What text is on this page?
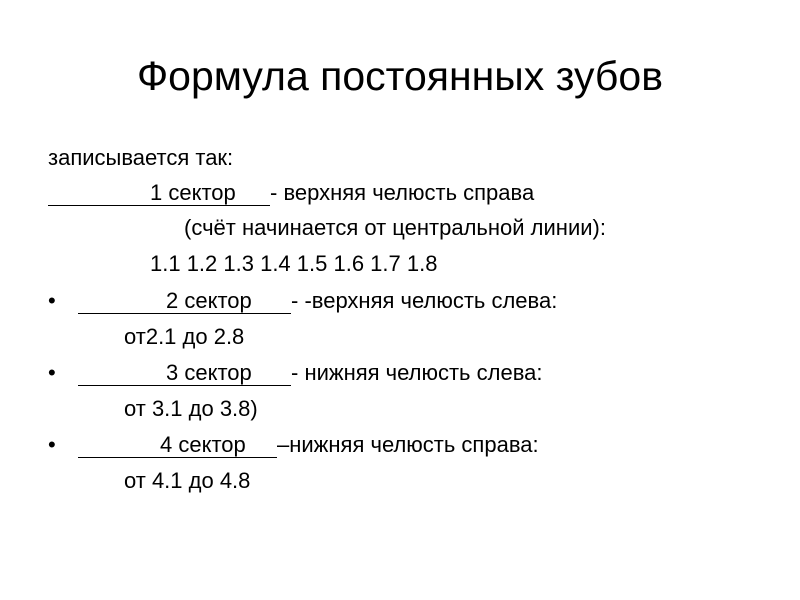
Формула постоянных зубов
записывается так:
1 сектор- верхняя челюсть справа
(счёт начинается от центральной линии):
1.1 1.2 1.3 1.4 1.5 1.6 1.7 1.8
•	2 сектор- -верхняя челюсть слева:
от2.1 до 2.8
•	3 сектор- нижняя челюсть слева:
от 3.1 до 3.8)
•	4 сектор–нижняя челюсть справа:
от 4.1 до 4.8
